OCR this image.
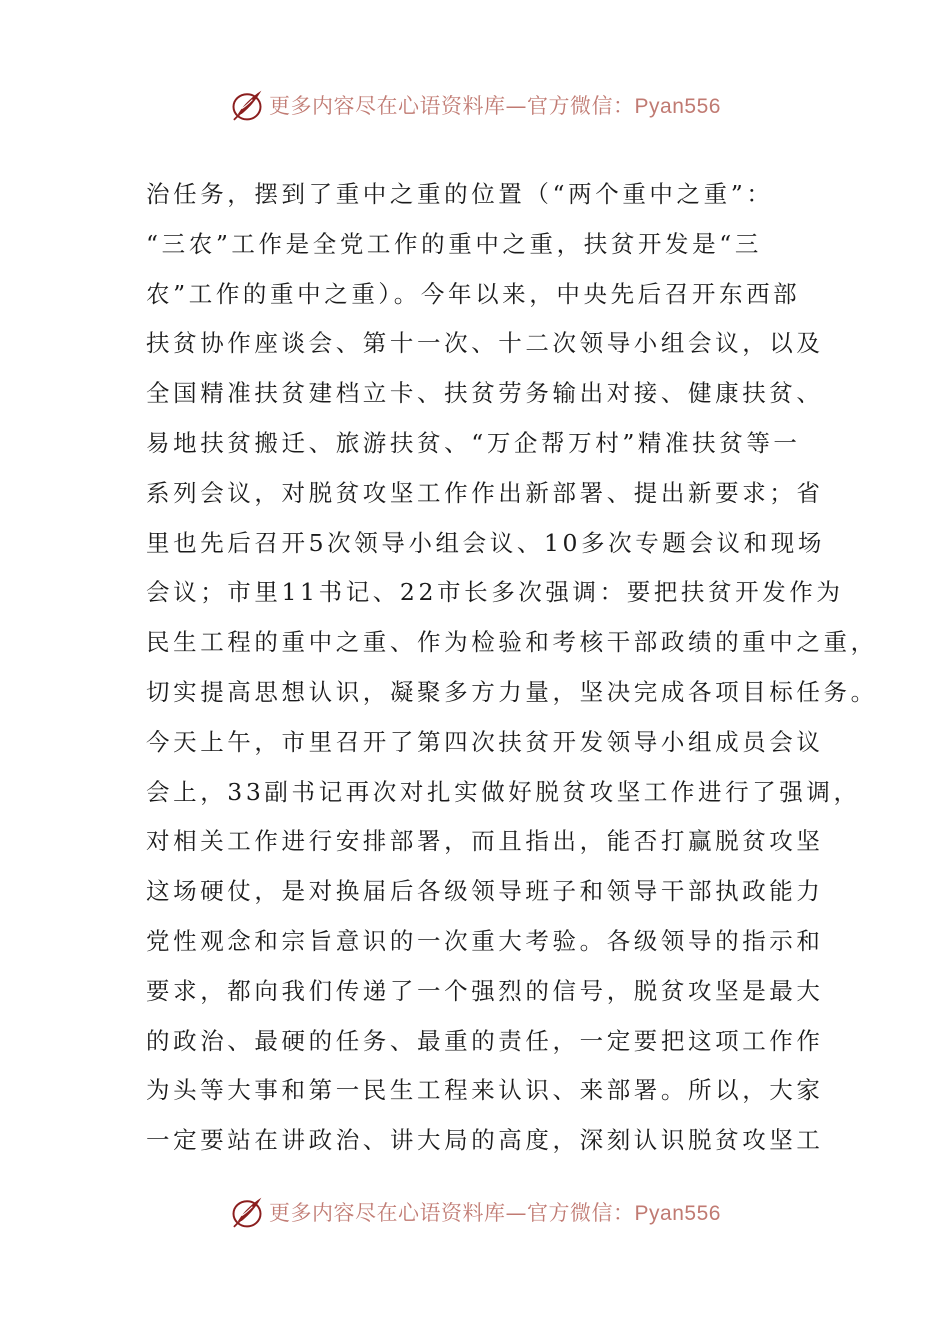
更多内容尽在心语资料库—官方微信：Pyan556
治任务，摆到了重中之重的位置（“两个重中之重”：
“三农”工作是全党工作的重中之重，扶贫开发是“三
农”工作的重中之重）。今年以来，中央先后召开东西部
扶贫协作座谈会、第十一次、十二次领导小组会议，以及
全国精准扶贫建档立卡、扶贫劳务输出对接、健康扶贫、
易地扶贫搬迁、旅游扶贫、“万企帮万村”精准扶贫等一
系列会议，对脱贫攻坚工作作出新部署、提出新要求；省
里也先后召开5次领导小组会议、10多次专题会议和现场
会议；市里11书记、22市长多次强调：要把扶贫开发作为
民生工程的重中之重、作为检验和考核干部政绩的重中之重，
切实提高思想认识，凝聚多方力量，坚决完成各项目标任务。
今天上午，市里召开了第四次扶贫开发领导小组成员会议
会上，33副书记再次对扎实做好脱贫攻坚工作进行了强调，
对相关工作进行安排部署，而且指出，能否打赢脱贫攻坚
这场硬仗，是对换届后各级领导班子和领导干部执政能力
党性观念和宗旨意识的一次重大考验。各级领导的指示和
要求，都向我们传递了一个强烈的信号，脱贫攻坚是最大
的政治、最硬的任务、最重的责任，一定要把这项工作作
为头等大事和第一民生工程来认识、来部署。所以，大家
一定要站在讲政治、讲大局的高度，深刻认识脱贫攻坚工
更多内容尽在心语资料库—官方微信：Pyan556
